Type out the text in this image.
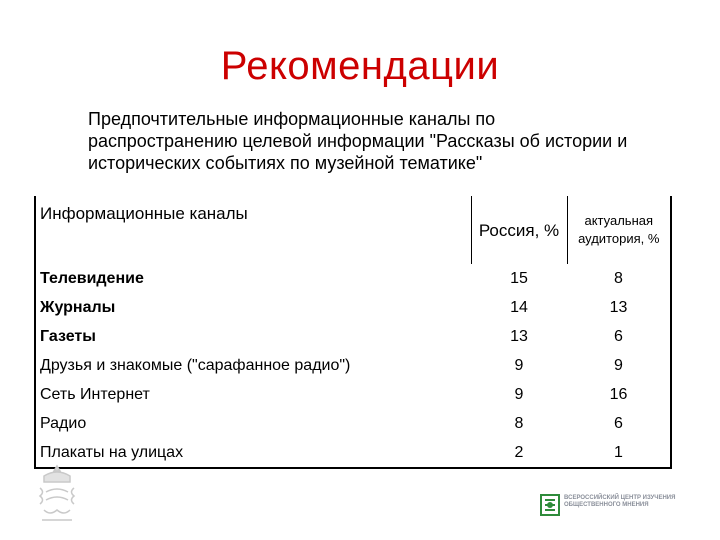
Рекомендации
Предпочтительные информационные каналы по распространению целевой информации "Рассказы об истории и исторических событиях по музейной тематике"
Информационные каналы	Россия, %	актуальная аудитория, %
Телевидение	15	8
Журналы	14	13
Газеты	13	6
Друзья и знакомые ("сарафанное радио")	9	9
Сеть Интернет	9	16
Радио	8	6
Плакаты на улицах	2	1
ВСЕРОССИЙСКИЙ ЦЕНТР ИЗУЧЕНИЯ ОБЩЕСТВЕННОГО МНЕНИЯ
